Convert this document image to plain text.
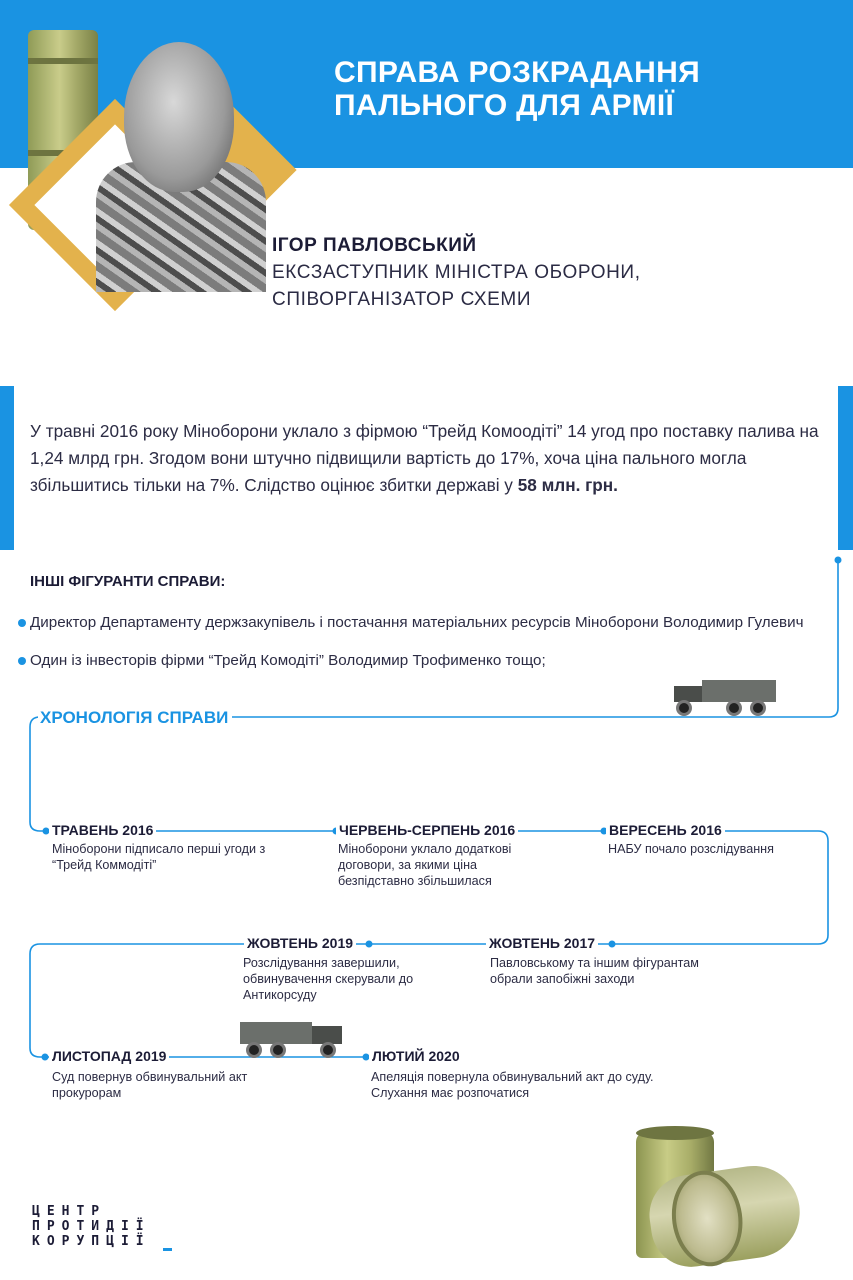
СПРАВА РОЗКРАДАННЯ
ПАЛЬНОГО ДЛЯ АРМІЇ
ІГОР ПАВЛОВСЬКИЙ
ЕКСЗАСТУПНИК МІНІСТРА ОБОРОНИ,
СПІВОРГАНІЗАТОР СХЕМИ
У травні 2016 року Міноборони уклало з фірмою “Трейд Комоодіті” 14 угод про поставку палива на 1,24 млрд грн. Згодом вони штучно підвищили вартість до 17%, хоча ціна пального могла збільшитись тільки на 7%. Слідство оцінює збитки державі у 58 млн. грн.
ІНШІ ФІГУРАНТИ СПРАВИ:
Директор Департаменту держзакупівель і постачання матеріальних ресурсів Міноборони Володимир Гулевич
Один із інвесторів фірми “Трейд Комодіті” Володимир Трофименко тощо;
ХРОНОЛОГІЯ СПРАВИ
ТРАВЕНЬ 2016
Міноборони підписало перші угоди з “Трейд Коммодіті”
ЧЕРВЕНЬ-СЕРПЕНЬ 2016
Міноборони уклало додаткові договори, за якими ціна безпідставно збільшилася
ВЕРЕСЕНЬ 2016
НАБУ почало розслідування
ЖОВТЕНЬ 2017
Павловському та іншим фігурантам обрали запобіжні заходи
ЖОВТЕНЬ 2019
Розслідування завершили, обвинувачення скерували до Антикорсуду
ЛИСТОПАД 2019
Суд повернув обвинувальний акт прокурорам
ЛЮТИЙ 2020
Апеляція повернула обвинувальний акт до суду. Слухання має розпочатися
ЦЕНТР
ПРОТИДІЇ
КОРУПЦІЇ
